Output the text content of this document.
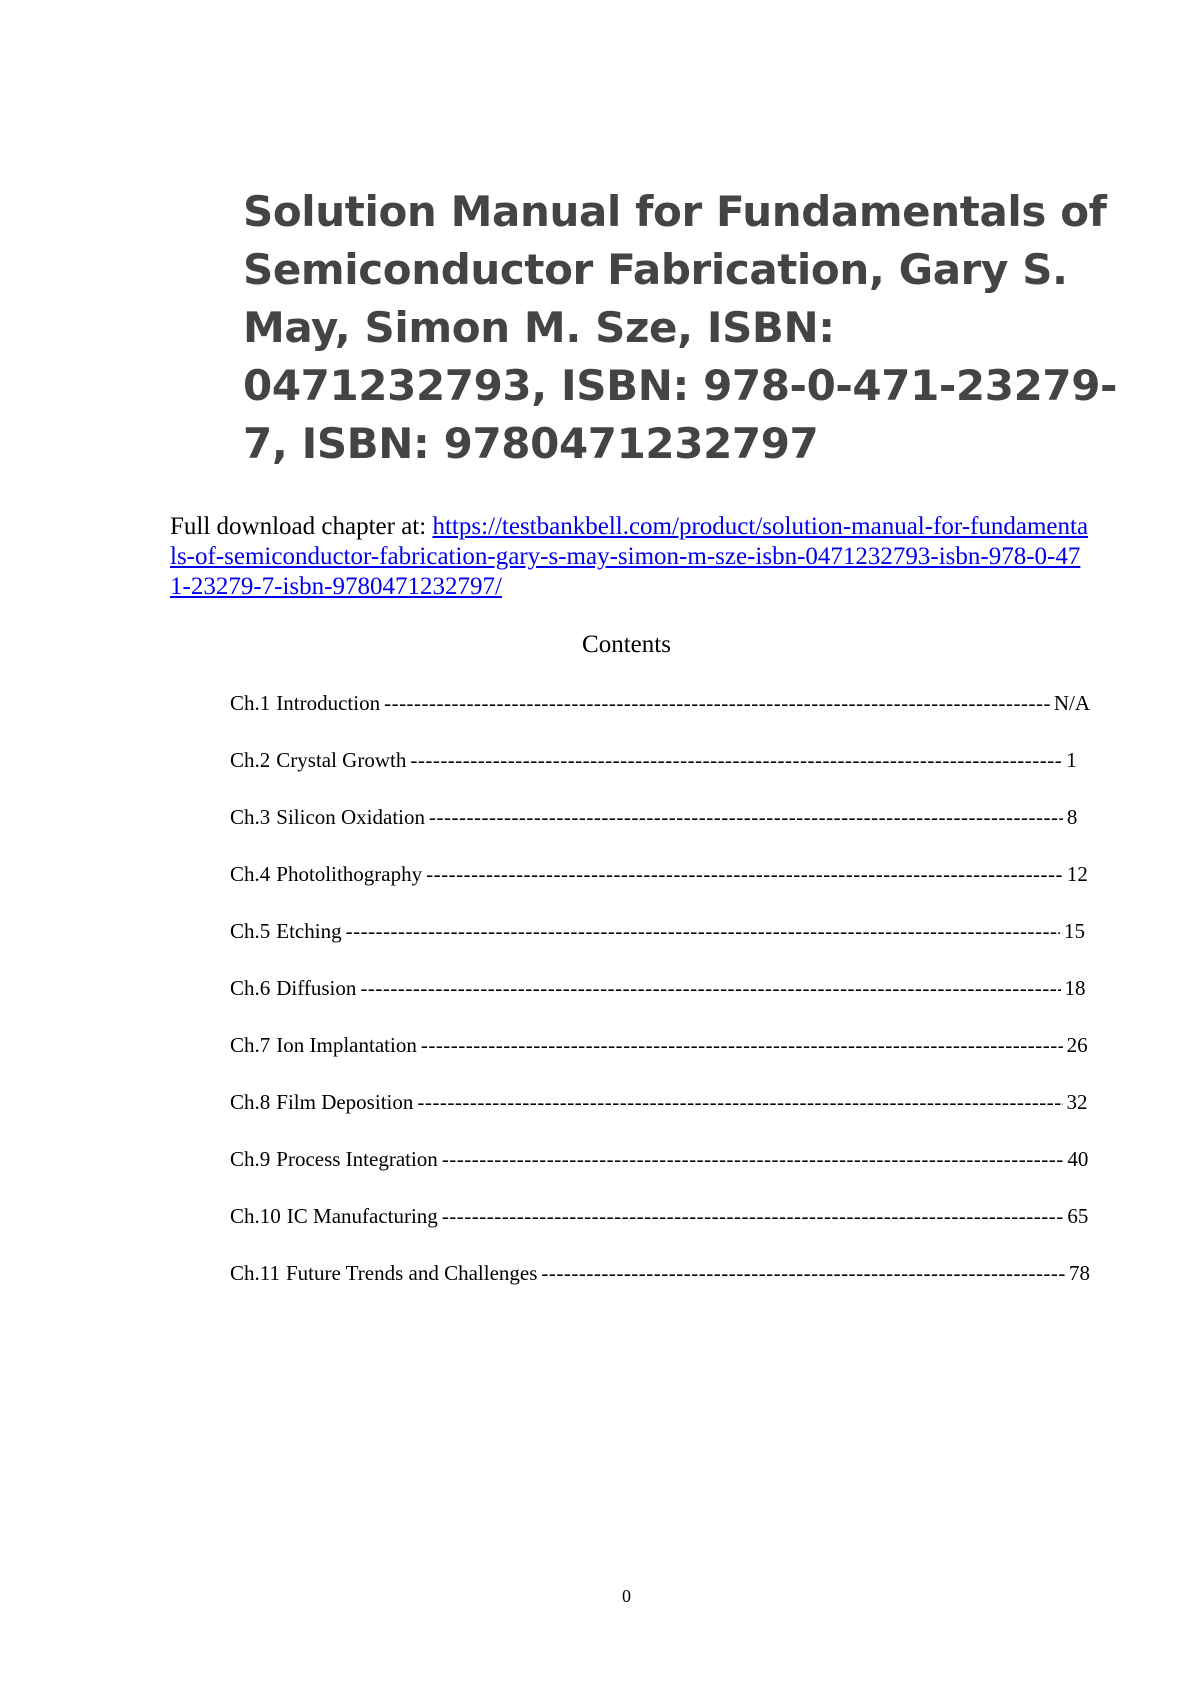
Solution Manual for Fundamentals of Semiconductor Fabrication, Gary S. May, Simon M. Sze, ISBN: 0471232793, ISBN: 978-0-471-23279-7, ISBN: 9780471232797

Full download chapter at: https://testbankbell.com/product/solution-manual-for-fundamentals-of-semiconductor-fabrication-gary-s-may-simon-m-sze-isbn-0471232793-isbn-978-0-471-23279-7-isbn-9780471232797/

Contents
Ch.1 Introduction -----	N/A
Ch.2 Crystal Growth -----	1
Ch.3 Silicon Oxidation -----	8
Ch.4 Photolithography -----	12
Ch.5 Etching -----	15
Ch.6 Diffusion -----	18
Ch.7 Ion Implantation -----	26
Ch.8 Film Deposition -----	32
Ch.9 Process Integration -----	40
Ch.10 IC Manufacturing -----	65
Ch.11 Future Trends and Challenges -----	78
0
